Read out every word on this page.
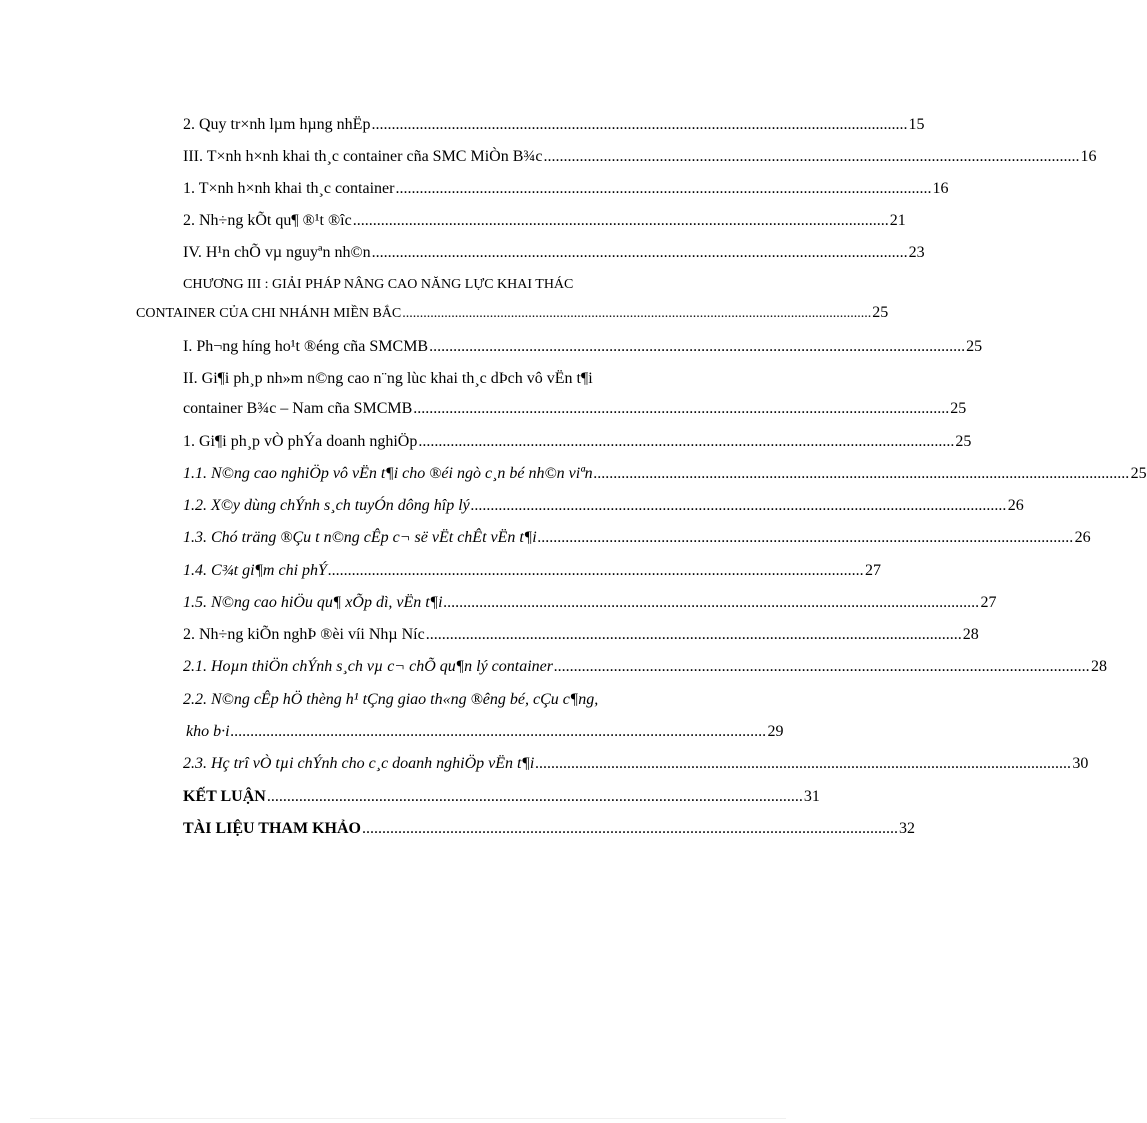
2. Quy tr×nh lµm hµng nhËp ...................................................................................................................................... 15
III. T×nh h×nh khai th¸c container cña SMC MiÒn B¾c ...................................................................................................................................... 16
1. T×nh h×nh khai th¸c container ...................................................................................................................................... 16
2. Nh÷ng kÕt qu¶ ®¹t ®îc ...................................................................................................................................... 21
IV. H¹n chÕ vµ nguyªn nh©n ...................................................................................................................................... 23
CHƯƠNG III : GIẢI PHÁP NÂNG CAO NĂNG LỰC KHAI THÁC
CONTAINER CỦA CHI NHÁNH MIỀN BẮC ...................................................................................................................................... 25
I. Ph¬ng híng ho¹t ®éng cña SMCMB ...................................................................................................................................... 25
II. Gi¶i ph¸p nh»m n©ng cao n¨ng lùc khai th¸c dÞch vô vËn t¶i
container B¾c – Nam cña SMCMB ...................................................................................................................................... 25
1. Gi¶i ph¸p vÒ phÝa doanh nghiÖp ...................................................................................................................................... 25
1.1. N©ng cao nghiÖp vô vËn t¶i cho ®éi ngò c¸n bé nh©n viªn ...................................................................................................................................... 25
1.2. X©y dùng chÝnh s¸ch tuyÓn dông hîp lý ...................................................................................................................................... 26
1.3. Chó träng ®Çu t n©ng cÊp c¬ së vËt chÊt vËn t¶i ...................................................................................................................................... 26
1.4. C¾t gi¶m chi phÝ ...................................................................................................................................... 27
1.5. N©ng cao hiÖu qu¶ xÕp dì, vËn t¶i ...................................................................................................................................... 27
2. Nh÷ng kiÕn nghÞ ®èi víi Nhµ Níc ...................................................................................................................................... 28
2.1. Hoµn thiÖn chÝnh s¸ch vµ c¬ chÕ qu¶n lý container ...................................................................................................................................... 28
2.2. N©ng cÊp hÖ thèng h¹ tÇng giao th«ng ®êng bé, cÇu c¶ng,
kho b·i ...................................................................................................................................... 29
2.3. Hç trî vÒ tµi chÝnh cho c¸c doanh nghiÖp vËn t¶i ...................................................................................................................................... 30
KẾT LUẬN ...................................................................................................................................... 31
TÀI LIỆU THAM KHẢO ...................................................................................................................................... 32
